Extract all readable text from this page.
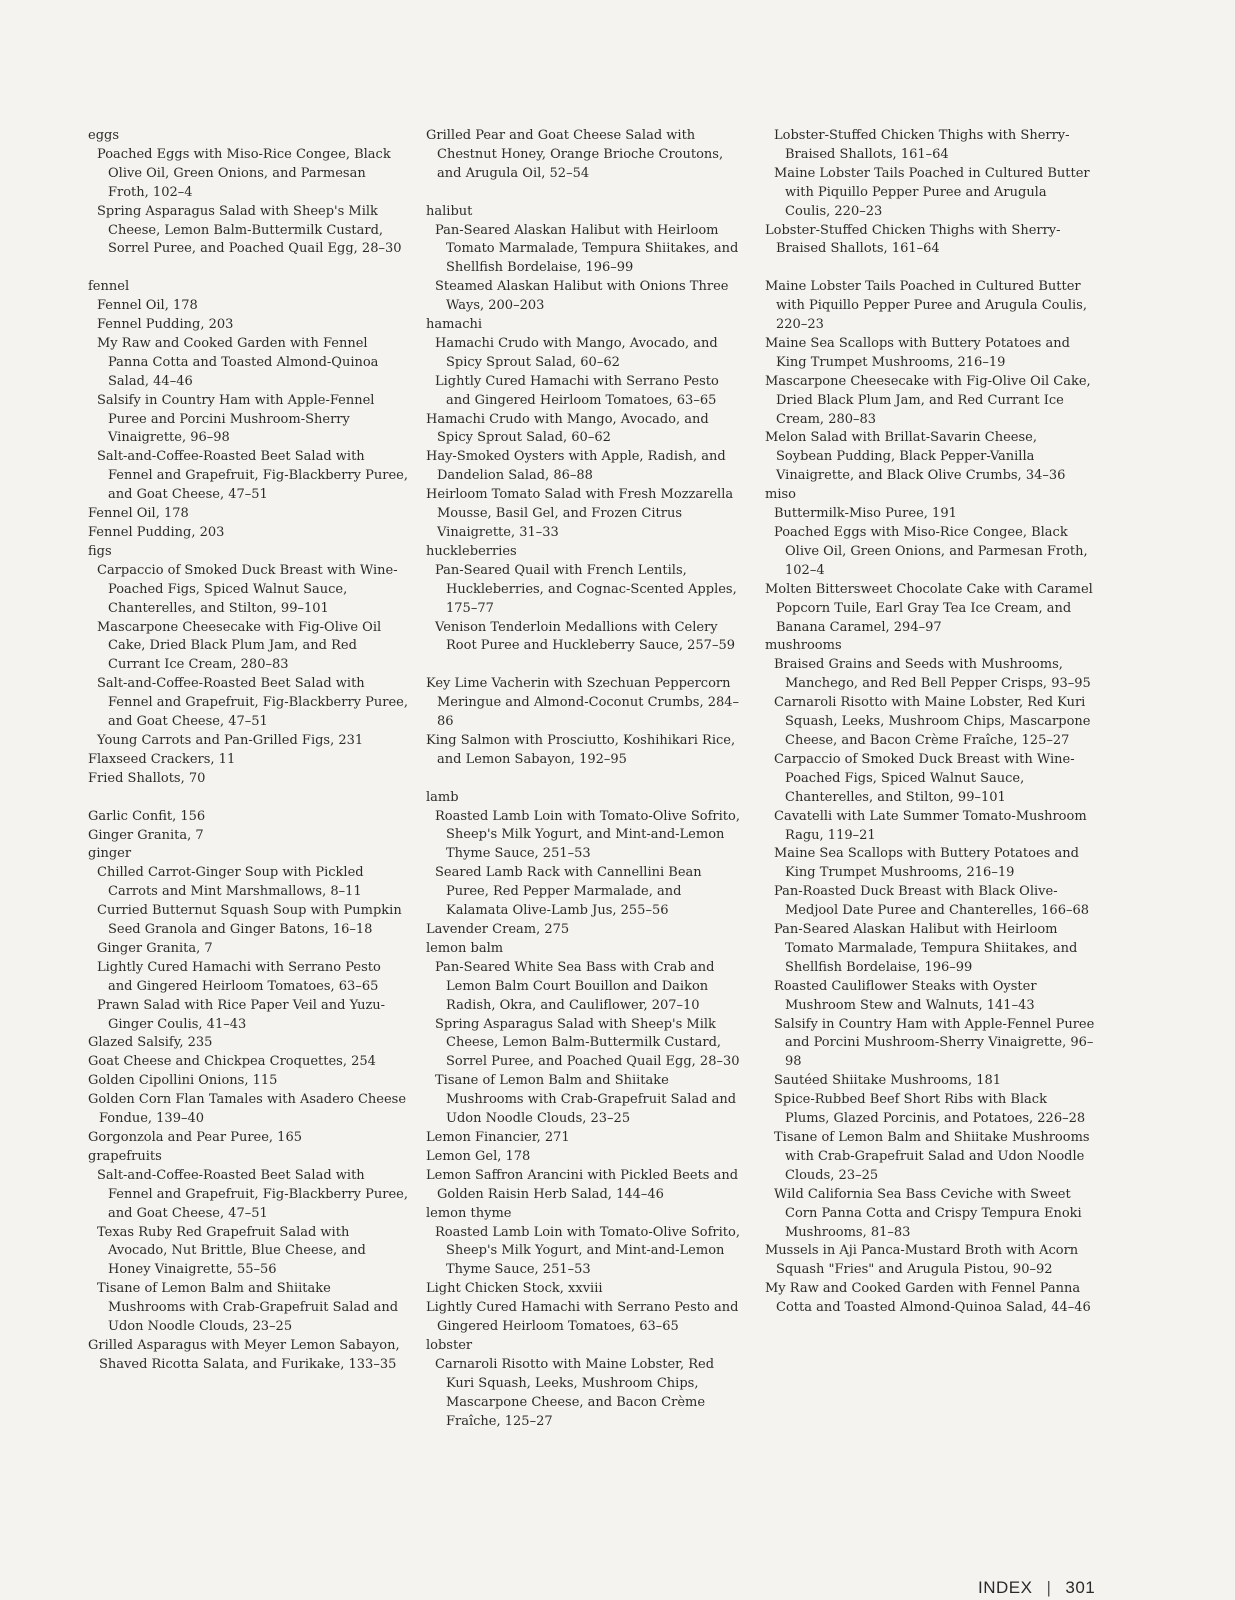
eggs
Poached Eggs with Miso-Rice Congee, Black Olive Oil, Green Onions, and Parmesan Froth, 102–4
Spring Asparagus Salad with Sheep's Milk Cheese, Lemon Balm-Buttermilk Custard, Sorrel Puree, and Poached Quail Egg, 28–30
fennel
Fennel Oil, 178
Fennel Pudding, 203
My Raw and Cooked Garden with Fennel Panna Cotta and Toasted Almond-Quinoa Salad, 44–46
Salsify in Country Ham with Apple-Fennel Puree and Porcini Mushroom-Sherry Vinaigrette, 96–98
Salt-and-Coffee-Roasted Beet Salad with Fennel and Grapefruit, Fig-Blackberry Puree, and Goat Cheese, 47–51
Fennel Oil, 178
Fennel Pudding, 203
figs
Carpaccio of Smoked Duck Breast with Wine-Poached Figs, Spiced Walnut Sauce, Chanterelles, and Stilton, 99–101
Mascarpone Cheesecake with Fig-Olive Oil Cake, Dried Black Plum Jam, and Red Currant Ice Cream, 280–83
Salt-and-Coffee-Roasted Beet Salad with Fennel and Grapefruit, Fig-Blackberry Puree, and Goat Cheese, 47–51
Young Carrots and Pan-Grilled Figs, 231
Flaxseed Crackers, 11
Fried Shallots, 70
Garlic Confit, 156
Ginger Granita, 7
ginger
Chilled Carrot-Ginger Soup with Pickled Carrots and Mint Marshmallows, 8–11
Curried Butternut Squash Soup with Pumpkin Seed Granola and Ginger Batons, 16–18
Ginger Granita, 7
Lightly Cured Hamachi with Serrano Pesto and Gingered Heirloom Tomatoes, 63–65
Prawn Salad with Rice Paper Veil and Yuzu-Ginger Coulis, 41–43
Glazed Salsify, 235
Goat Cheese and Chickpea Croquettes, 254
Golden Cipollini Onions, 115
Golden Corn Flan Tamales with Asadero Cheese Fondue, 139–40
Gorgonzola and Pear Puree, 165
grapefruits
Salt-and-Coffee-Roasted Beet Salad with Fennel and Grapefruit, Fig-Blackberry Puree, and Goat Cheese, 47–51
Texas Ruby Red Grapefruit Salad with Avocado, Nut Brittle, Blue Cheese, and Honey Vinaigrette, 55–56
Tisane of Lemon Balm and Shiitake Mushrooms with Crab-Grapefruit Salad and Udon Noodle Clouds, 23–25
Grilled Asparagus with Meyer Lemon Sabayon, Shaved Ricotta Salata, and Furikake, 133–35
Grilled Pear and Goat Cheese Salad with Chestnut Honey, Orange Brioche Croutons, and Arugula Oil, 52–54
halibut
Pan-Seared Alaskan Halibut with Heirloom Tomato Marmalade, Tempura Shiitakes, and Shellfish Bordelaise, 196–99
Steamed Alaskan Halibut with Onions Three Ways, 200–203
hamachi
Hamachi Crudo with Mango, Avocado, and Spicy Sprout Salad, 60–62
Lightly Cured Hamachi with Serrano Pesto and Gingered Heirloom Tomatoes, 63–65
Hamachi Crudo with Mango, Avocado, and Spicy Sprout Salad, 60–62
Hay-Smoked Oysters with Apple, Radish, and Dandelion Salad, 86–88
Heirloom Tomato Salad with Fresh Mozzarella Mousse, Basil Gel, and Frozen Citrus Vinaigrette, 31–33
huckleberries
Pan-Seared Quail with French Lentils, Huckleberries, and Cognac-Scented Apples, 175–77
Venison Tenderloin Medallions with Celery Root Puree and Huckleberry Sauce, 257–59
Key Lime Vacherin with Szechuan Peppercorn Meringue and Almond-Coconut Crumbs, 284–86
King Salmon with Prosciutto, Koshihikari Rice, and Lemon Sabayon, 192–95
lamb
Roasted Lamb Loin with Tomato-Olive Sofrito, Sheep's Milk Yogurt, and Mint-and-Lemon Thyme Sauce, 251–53
Seared Lamb Rack with Cannellini Bean Puree, Red Pepper Marmalade, and Kalamata Olive-Lamb Jus, 255–56
Lavender Cream, 275
lemon balm
Pan-Seared White Sea Bass with Crab and Lemon Balm Court Bouillon and Daikon Radish, Okra, and Cauliflower, 207–10
Spring Asparagus Salad with Sheep's Milk Cheese, Lemon Balm-Buttermilk Custard, Sorrel Puree, and Poached Quail Egg, 28–30
Tisane of Lemon Balm and Shiitake Mushrooms with Crab-Grapefruit Salad and Udon Noodle Clouds, 23–25
Lemon Financier, 271
Lemon Gel, 178
Lemon Saffron Arancini with Pickled Beets and Golden Raisin Herb Salad, 144–46
lemon thyme
Roasted Lamb Loin with Tomato-Olive Sofrito, Sheep's Milk Yogurt, and Mint-and-Lemon Thyme Sauce, 251–53
Light Chicken Stock, xxviii
Lightly Cured Hamachi with Serrano Pesto and Gingered Heirloom Tomatoes, 63–65
lobster
Carnaroli Risotto with Maine Lobster, Red Kuri Squash, Leeks, Mushroom Chips, Mascarpone Cheese, and Bacon Crème Fraîche, 125–27
Lobster-Stuffed Chicken Thighs with Sherry-Braised Shallots, 161–64
Maine Lobster Tails Poached in Cultured Butter with Piquillo Pepper Puree and Arugula Coulis, 220–23
Lobster-Stuffed Chicken Thighs with Sherry-Braised Shallots, 161–64
Maine Lobster Tails Poached in Cultured Butter with Piquillo Pepper Puree and Arugula Coulis, 220–23
Maine Sea Scallops with Buttery Potatoes and King Trumpet Mushrooms, 216–19
Mascarpone Cheesecake with Fig-Olive Oil Cake, Dried Black Plum Jam, and Red Currant Ice Cream, 280–83
Melon Salad with Brillat-Savarin Cheese, Soybean Pudding, Black Pepper-Vanilla Vinaigrette, and Black Olive Crumbs, 34–36
miso
Buttermilk-Miso Puree, 191
Poached Eggs with Miso-Rice Congee, Black Olive Oil, Green Onions, and Parmesan Froth, 102–4
Molten Bittersweet Chocolate Cake with Caramel Popcorn Tuile, Earl Gray Tea Ice Cream, and Banana Caramel, 294–97
mushrooms
Braised Grains and Seeds with Mushrooms, Manchego, and Red Bell Pepper Crisps, 93–95
Carnaroli Risotto with Maine Lobster, Red Kuri Squash, Leeks, Mushroom Chips, Mascarpone Cheese, and Bacon Crème Fraîche, 125–27
Carpaccio of Smoked Duck Breast with Wine-Poached Figs, Spiced Walnut Sauce, Chanterelles, and Stilton, 99–101
Cavatelli with Late Summer Tomato-Mushroom Ragu, 119–21
Maine Sea Scallops with Buttery Potatoes and King Trumpet Mushrooms, 216–19
Pan-Roasted Duck Breast with Black Olive-Medjool Date Puree and Chanterelles, 166–68
Pan-Seared Alaskan Halibut with Heirloom Tomato Marmalade, Tempura Shiitakes, and Shellfish Bordelaise, 196–99
Roasted Cauliflower Steaks with Oyster Mushroom Stew and Walnuts, 141–43
Salsify in Country Ham with Apple-Fennel Puree and Porcini Mushroom-Sherry Vinaigrette, 96–98
Sautéed Shiitake Mushrooms, 181
Spice-Rubbed Beef Short Ribs with Black Plums, Glazed Porcinis, and Potatoes, 226–28
Tisane of Lemon Balm and Shiitake Mushrooms with Crab-Grapefruit Salad and Udon Noodle Clouds, 23–25
Wild California Sea Bass Ceviche with Sweet Corn Panna Cotta and Crispy Tempura Enoki Mushrooms, 81–83
Mussels in Aji Panca-Mustard Broth with Acorn Squash "Fries" and Arugula Pistou, 90–92
My Raw and Cooked Garden with Fennel Panna Cotta and Toasted Almond-Quinoa Salad, 44–46
INDEX | 301
